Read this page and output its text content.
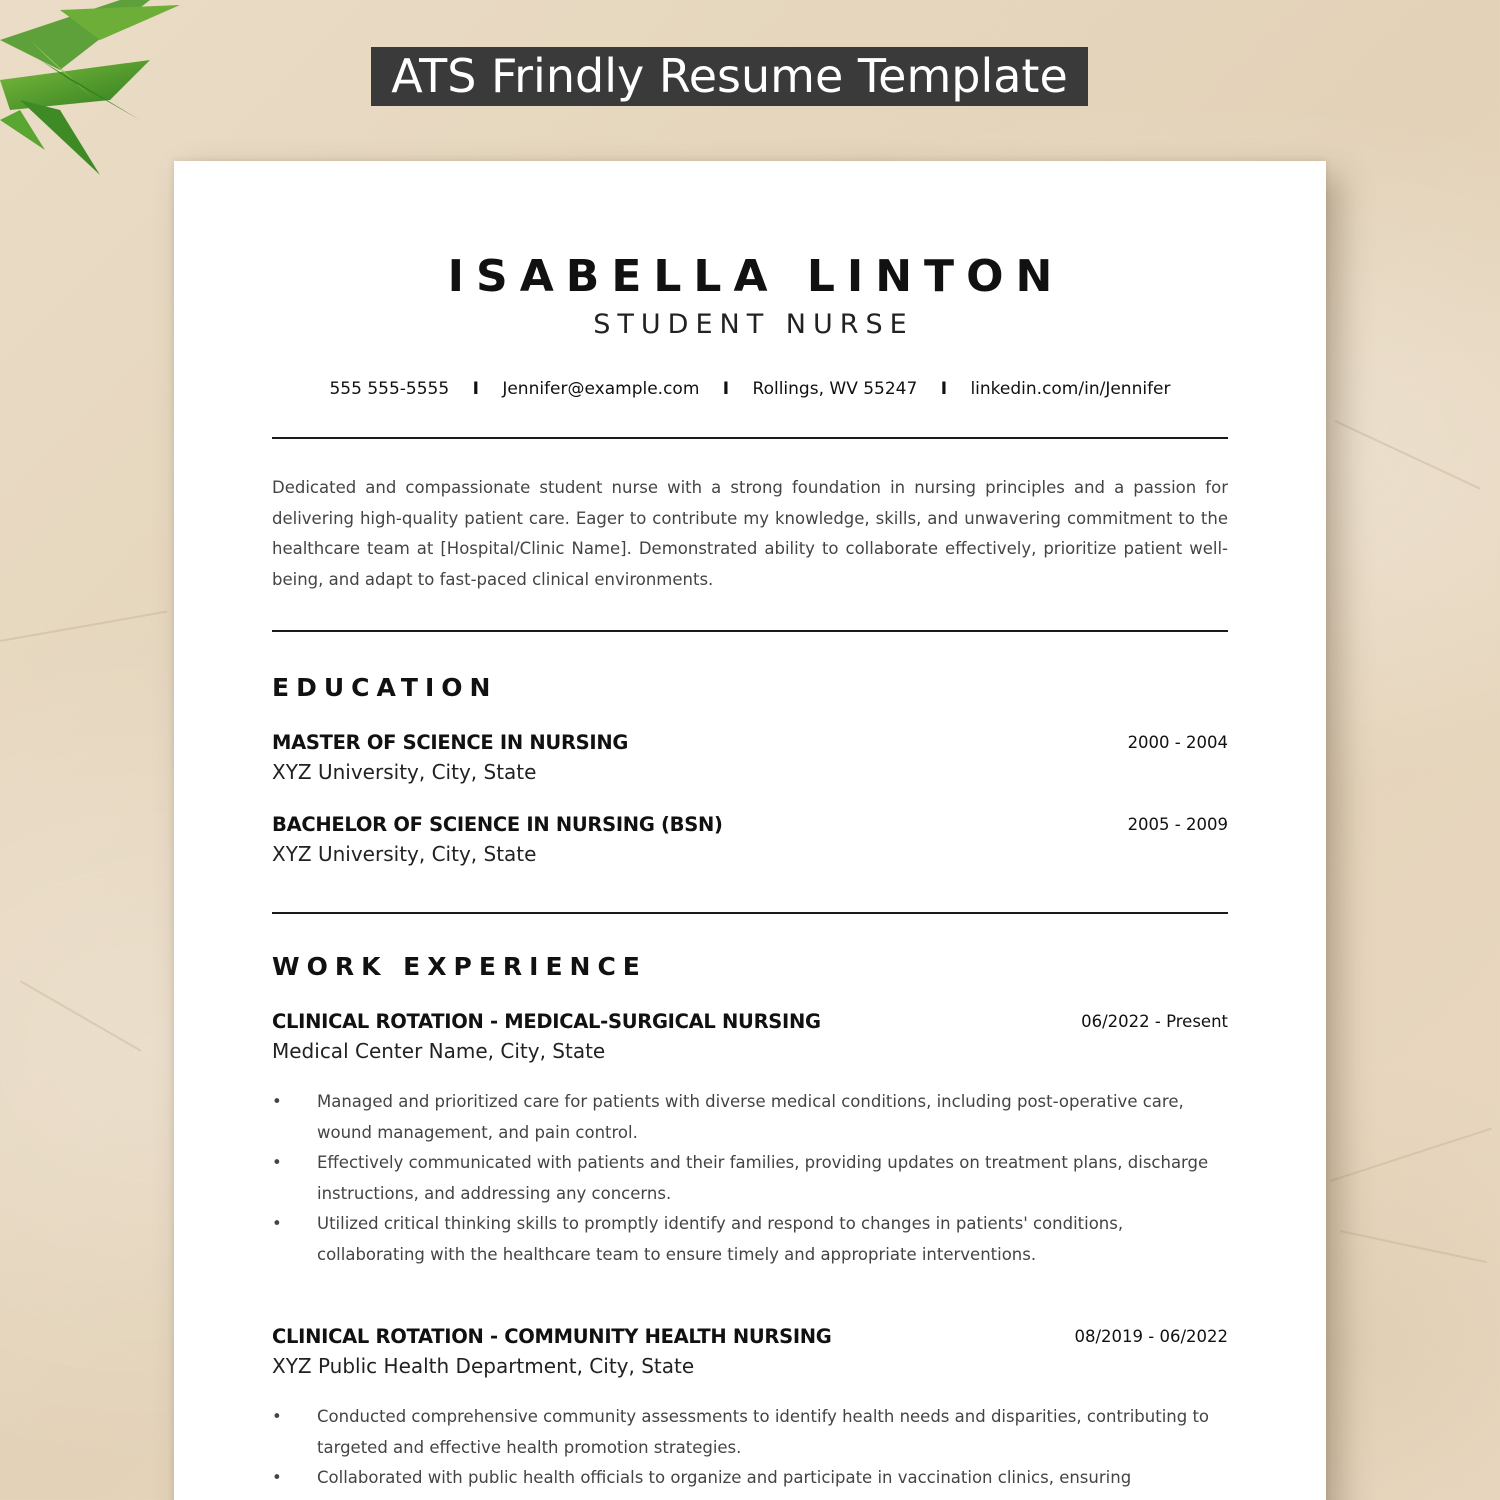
ATS Frindly Resume Template
ISABELLA LINTON
STUDENT NURSE
555 555-5555 I Jennifer@example.com I Rollings, WV 55247 I linkedin.com/in/Jennifer
Dedicated and compassionate student nurse with a strong foundation in nursing principles and a passion for delivering high-quality patient care. Eager to contribute my knowledge, skills, and unwavering commitment to the healthcare team at [Hospital/Clinic Name]. Demonstrated ability to collaborate effectively, prioritize patient well-being, and adapt to fast-paced clinical environments.
EDUCATION
MASTER OF SCIENCE IN NURSING	2000 - 2004
XYZ University, City, State
BACHELOR OF SCIENCE IN NURSING (BSN)	2005 - 2009
XYZ University, City, State
WORK EXPERIENCE
CLINICAL ROTATION - MEDICAL-SURGICAL NURSING	06/2022 - Present
Medical Center Name, City, State
• Managed and prioritized care for patients with diverse medical conditions, including post-operative care, wound management, and pain control.
• Effectively communicated with patients and their families, providing updates on treatment plans, discharge instructions, and addressing any concerns.
• Utilized critical thinking skills to promptly identify and respond to changes in patients' conditions, collaborating with the healthcare team to ensure timely and appropriate interventions.
CLINICAL ROTATION - COMMUNITY HEALTH NURSING	08/2019 - 06/2022
XYZ Public Health Department, City, State
• Conducted comprehensive community assessments to identify health needs and disparities, contributing to targeted and effective health promotion strategies.
• Collaborated with public health officials to organize and participate in vaccination clinics, ensuring
